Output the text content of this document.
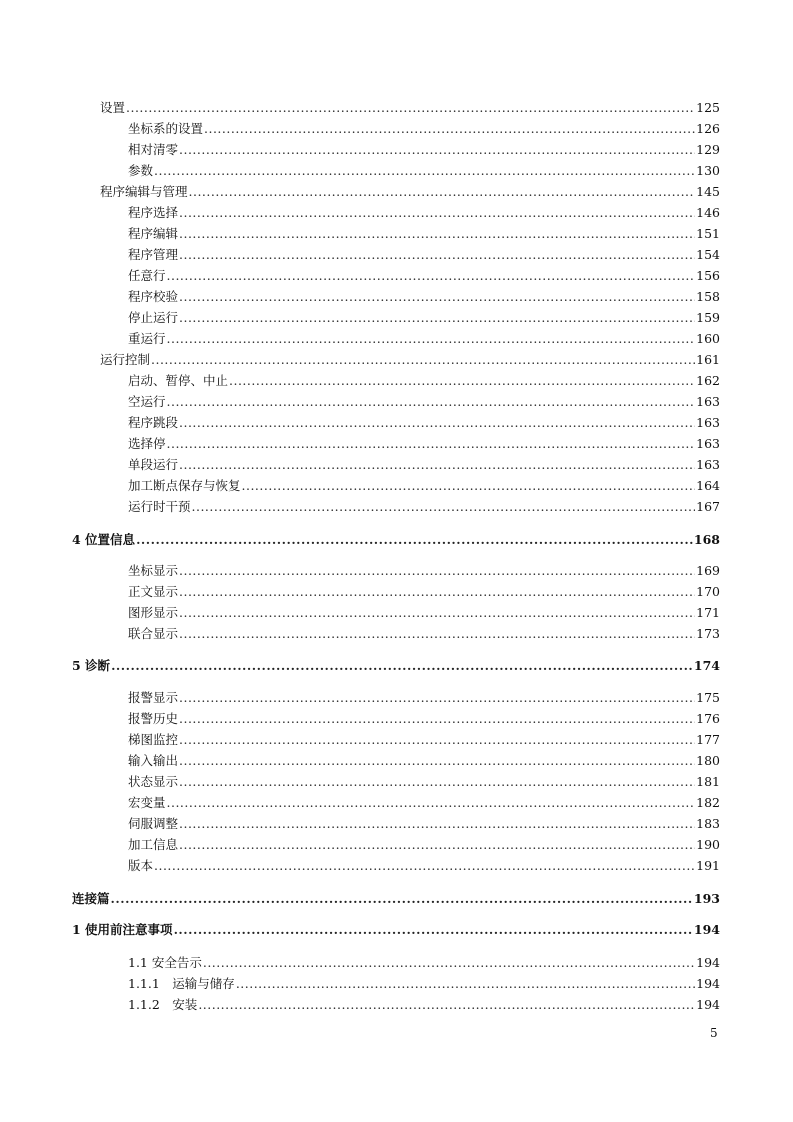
设置 .....	125
坐标系的设置 .....	126
相对清零 .....	129
参数 .....	130
程序编辑与管理 .....	145
程序选择 .....	146
程序编辑 .....	151
程序管理 .....	154
任意行 .....	156
程序校验 .....	158
停止运行 .....	159
重运行 .....	160
运行控制 .....	161
启动、暂停、中止 .....	162
空运行 .....	163
程序跳段 .....	163
选择停 .....	163
单段运行 .....	163
加工断点保存与恢复 .....	164
运行时干预 .....	167
4 位置信息 .....	168
坐标显示 .....	169
正文显示 .....	170
图形显示 .....	171
联合显示 .....	173
5 诊断 .....	174
报警显示 .....	175
报警历史 .....	176
梯图监控 .....	177
输入输出 .....	180
状态显示 .....	181
宏变量 .....	182
伺服调整 .....	183
加工信息 .....	190
版本 .....	191
连接篇 .....	193
1 使用前注意事项 .....	194
1.1 安全告示 .....	194
1.1.1　运输与储存 .....	194
1.1.2　安装 .....	194
5
